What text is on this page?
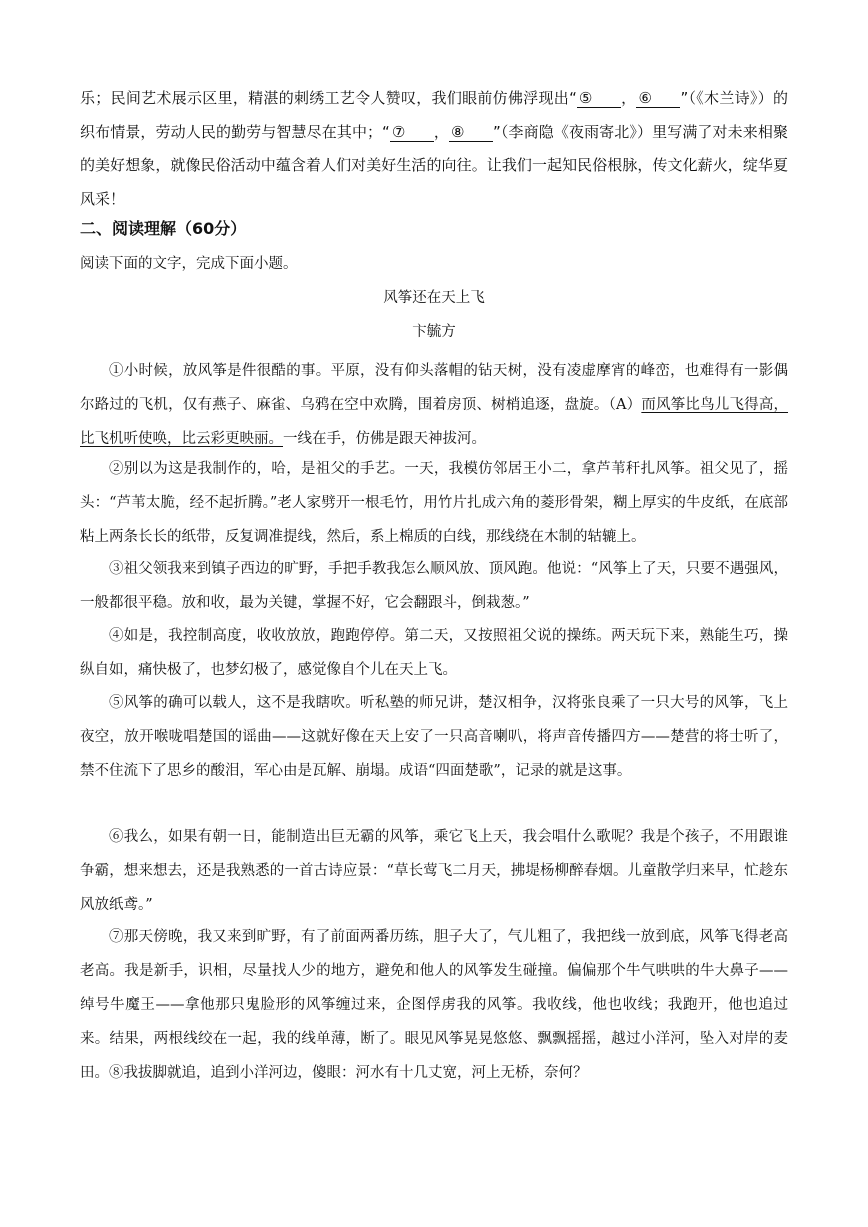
乐；民间艺术展示区里，精湛的刺绣工艺令人赞叹，我们眼前仿佛浮现出“ ⑤ ， ⑥ ”（《木兰诗》）的织布情景，劳动人民的勤劳与智慧尽在其中；“ ⑦ ， ⑧ ”（李商隐《夜雨寄北》）里写满了对未来相聚的美好想象，就像民俗活动中蕴含着人们对美好生活的向往。让我们一起知民俗根脉，传文化薪火，绽华夏风采！
二、阅读理解（60分）
阅读下面的文字，完成下面小题。
风筝还在天上飞
卞毓方

①小时候，放风筝是件很酷的事。平原，没有仰头落帽的钻天树，没有凌虚摩宵的峰峦，也难得有一影偶尔路过的飞机，仅有燕子、麻雀、乌鸦在空中欢腾，围着房顶、树梢追逐，盘旋。（A）而风筝比鸟儿飞得高，比飞机听使唤，比云彩更映丽。一线在手，仿佛是跟天神拔河。

②别以为这是我制作的，哈，是祖父的手艺。一天，我模仿邻居王小二，拿芦苇秆扎风筝。祖父见了，摇头：“芦苇太脆，经不起折腾。”老人家劈开一根毛竹，用竹片扎成六角的菱形骨架，糊上厚实的牛皮纸，在底部粘上两条长长的纸带，反复调准提线，然后，系上棉质的白线，那线绕在木制的轱辘上。

③祖父领我来到镇子西边的旷野，手把手教我怎么顺风放、顶风跑。他说：“风筝上了天，只要不遇强风，一般都很平稳。放和收，最为关键，掌握不好，它会翻跟斗，倒栽葱。”

④如是，我控制高度，收收放放，跑跑停停。第二天，又按照祖父说的操练。两天玩下来，熟能生巧，操纵自如，痛快极了，也梦幻极了，感觉像自个儿在天上飞。

⑤风筝的确可以载人，这不是我瞎吹。听私塾的师兄讲，楚汉相争，汉将张良乘了一只大号的风筝，飞上夜空，放开喉咙唱楚国的谣曲——这就好像在天上安了一只高音喇叭，将声音传播四方——楚营的将士听了，禁不住流下了思乡的酸泪，军心由是瓦解、崩塌。成语“四面楚歌”，记录的就是这事。

⑥我么，如果有朝一日，能制造出巨无霸的风筝，乘它飞上天，我会唱什么歌呢？我是个孩子，不用跟谁争霸，想来想去，还是我熟悉的一首古诗应景：“草长莺飞二月天，拂堤杨柳醉春烟。儿童散学归来早，忙趁东风放纸鸢。”

⑦那天傍晚，我又来到旷野，有了前面两番历练，胆子大了，气儿粗了，我把线一放到底，风筝飞得老高老高。我是新手，识相，尽量找人少的地方，避免和他人的风筝发生碰撞。偏偏那个牛气哄哄的牛大鼻子——绰号牛魔王——拿他那只鬼脸形的风筝缠过来，企图俘虏我的风筝。我收线，他也收线；我跑开，他也追过来。结果，两根线绞在一起，我的线单薄，断了。眼见风筝晃晃悠悠、飘飘摇摇，越过小洋河，坠入对岸的麦田。 ⑧我拔脚就追，追到小洋河边，傻眼：河水有十几丈宽，河上无桥，奈何？
